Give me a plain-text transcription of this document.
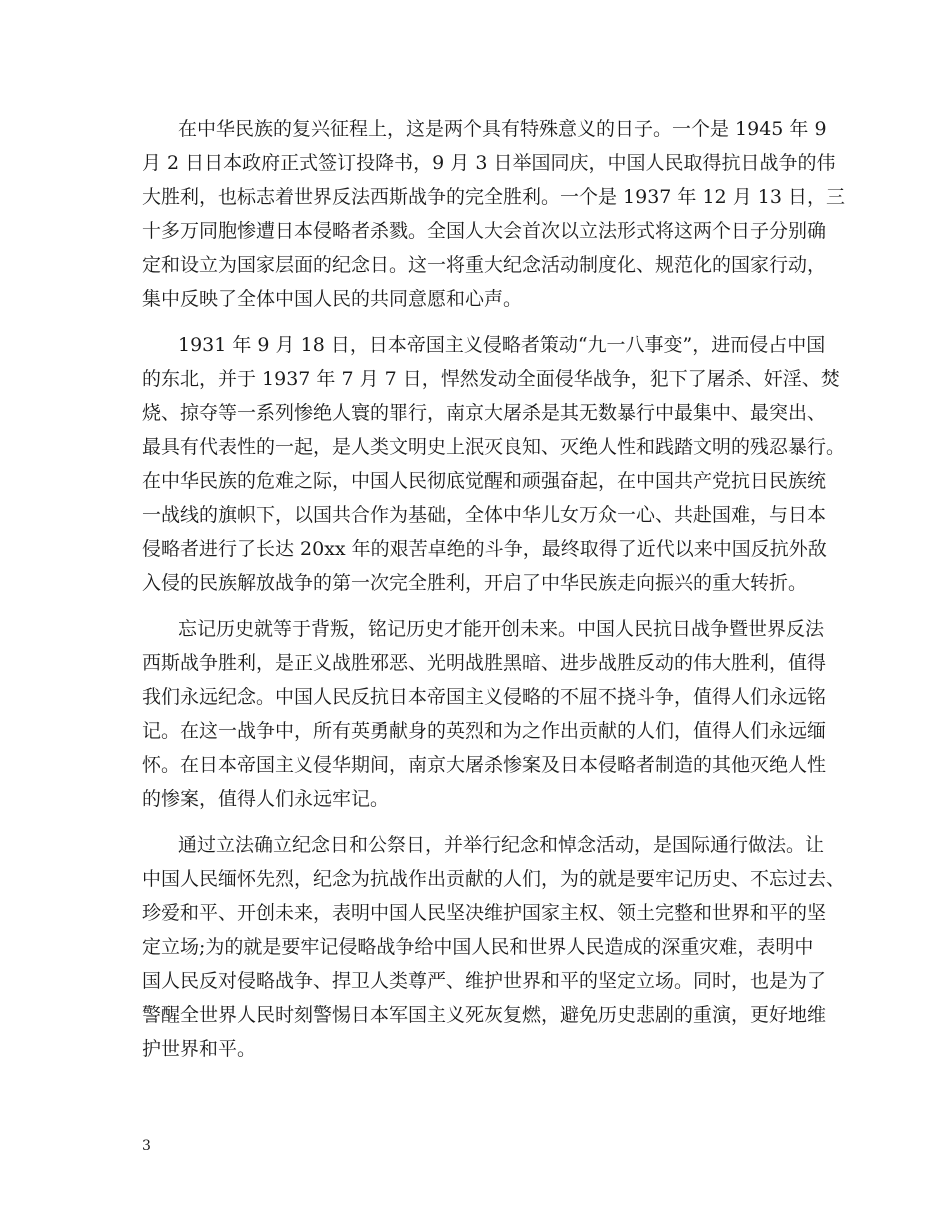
在中华民族的复兴征程上，这是两个具有特殊意义的日子。一个是 1945 年 9
月 2 日日本政府正式签订投降书，9 月 3 日举国同庆，中国人民取得抗日战争的伟
大胜利，也标志着世界反法西斯战争的完全胜利。一个是 1937 年 12 月 13 日，三
十多万同胞惨遭日本侵略者杀戮。全国人大会首次以立法形式将这两个日子分别确
定和设立为国家层面的纪念日。这一将重大纪念活动制度化、规范化的国家行动，
集中反映了全体中国人民的共同意愿和心声。
1931 年 9 月 18 日，日本帝国主义侵略者策动“九一八事变”，进而侵占中国
的东北，并于 1937 年 7 月 7 日，悍然发动全面侵华战争，犯下了屠杀、奸淫、焚
烧、掠夺等一系列惨绝人寰的罪行，南京大屠杀是其无数暴行中最集中、最突出、
最具有代表性的一起，是人类文明史上泯灭良知、灭绝人性和践踏文明的残忍暴行。
在中华民族的危难之际，中国人民彻底觉醒和顽强奋起，在中国共产党抗日民族统
一战线的旗帜下，以国共合作为基础，全体中华儿女万众一心、共赴国难，与日本
侵略者进行了长达 20xx 年的艰苦卓绝的斗争，最终取得了近代以来中国反抗外敌
入侵的民族解放战争的第一次完全胜利，开启了中华民族走向振兴的重大转折。
忘记历史就等于背叛，铭记历史才能开创未来。中国人民抗日战争暨世界反法
西斯战争胜利，是正义战胜邪恶、光明战胜黑暗、进步战胜反动的伟大胜利，值得
我们永远纪念。中国人民反抗日本帝国主义侵略的不屈不挠斗争，值得人们永远铭
记。在这一战争中，所有英勇献身的英烈和为之作出贡献的人们，值得人们永远缅
怀。在日本帝国主义侵华期间，南京大屠杀惨案及日本侵略者制造的其他灭绝人性
的惨案，值得人们永远牢记。
通过立法确立纪念日和公祭日，并举行纪念和悼念活动，是国际通行做法。让
中国人民缅怀先烈，纪念为抗战作出贡献的人们，为的就是要牢记历史、不忘过去、
珍爱和平、开创未来，表明中国人民坚决维护国家主权、领土完整和世界和平的坚
定立场;为的就是要牢记侵略战争给中国人民和世界人民造成的深重灾难，表明中
国人民反对侵略战争、捍卫人类尊严、维护世界和平的坚定立场。同时，也是为了
警醒全世界人民时刻警惕日本军国主义死灰复燃，避免历史悲剧的重演，更好地维
护世界和平。
3
